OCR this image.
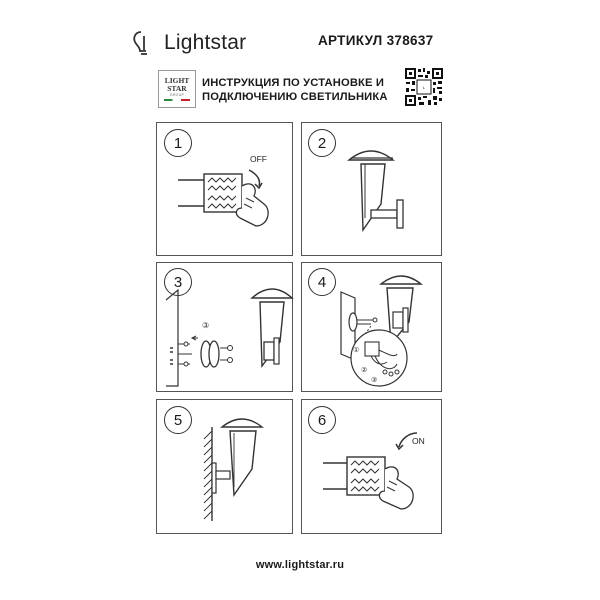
Lightstar	АРТИКУЛ 378637
LIGHT
STAR
GROUP
ИНСТРУКЦИЯ ПО УСТАНОВКЕ И
ПОДКЛЮЧЕНИЮ СВЕТИЛЬНИКА
L
1
OFF
2
3
③
4
①
②
③
5	6
ON
www.lightstar.ru
